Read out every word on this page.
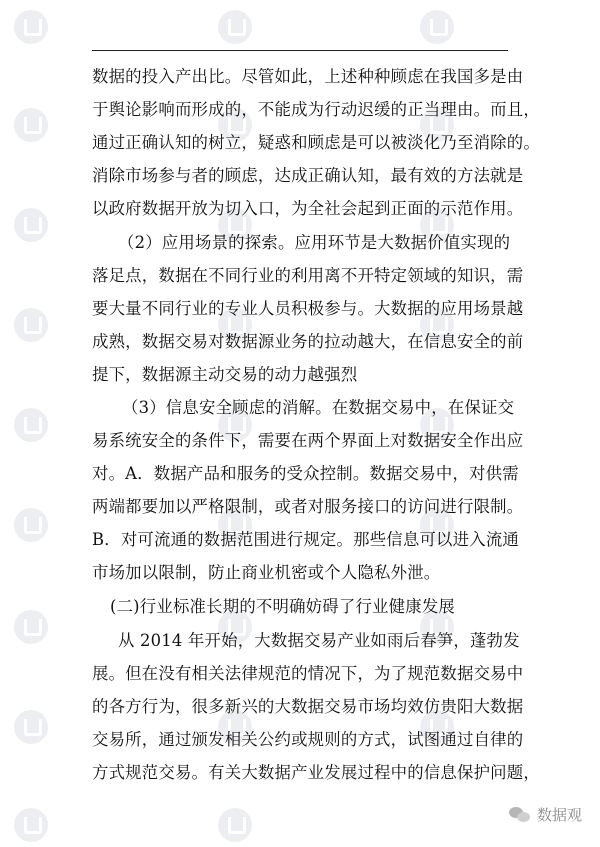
数据的投入产出比。尽管如此，上述种种顾虑在我国多是由
于舆论影响而形成的，不能成为行动迟缓的正当理由。而且，
通过正确认知的树立，疑惑和顾虑是可以被淡化乃至消除的。
消除市场参与者的顾虑，达成正确认知，最有效的方法就是
以政府数据开放为切入口，为全社会起到正面的示范作用。
（2）应用场景的探索。应用环节是大数据价值实现的
落足点，数据在不同行业的利用离不开特定领域的知识，需
要大量不同行业的专业人员积极参与。大数据的应用场景越
成熟，数据交易对数据源业务的拉动越大，在信息安全的前
提下，数据源主动交易的动力越强烈
（3）信息安全顾虑的消解。在数据交易中，在保证交
易系统安全的条件下，需要在两个界面上对数据安全作出应
对。A．数据产品和服务的受众控制。数据交易中，对供需
两端都要加以严格限制，或者对服务接口的访问进行限制。
B．对可流通的数据范围进行规定。那些信息可以进入流通
市场加以限制，防止商业机密或个人隐私外泄。
(二)行业标准长期的不明确妨碍了行业健康发展
从 2014 年开始，大数据交易产业如雨后春笋，蓬勃发
展。但在没有相关法律规范的情况下，为了规范数据交易中
的各方行为，很多新兴的大数据交易市场均效仿贵阳大数据
交易所，通过颁发相关公约或规则的方式，试图通过自律的
方式规范交易。有关大数据产业发展过程中的信息保护问题，
数据观
